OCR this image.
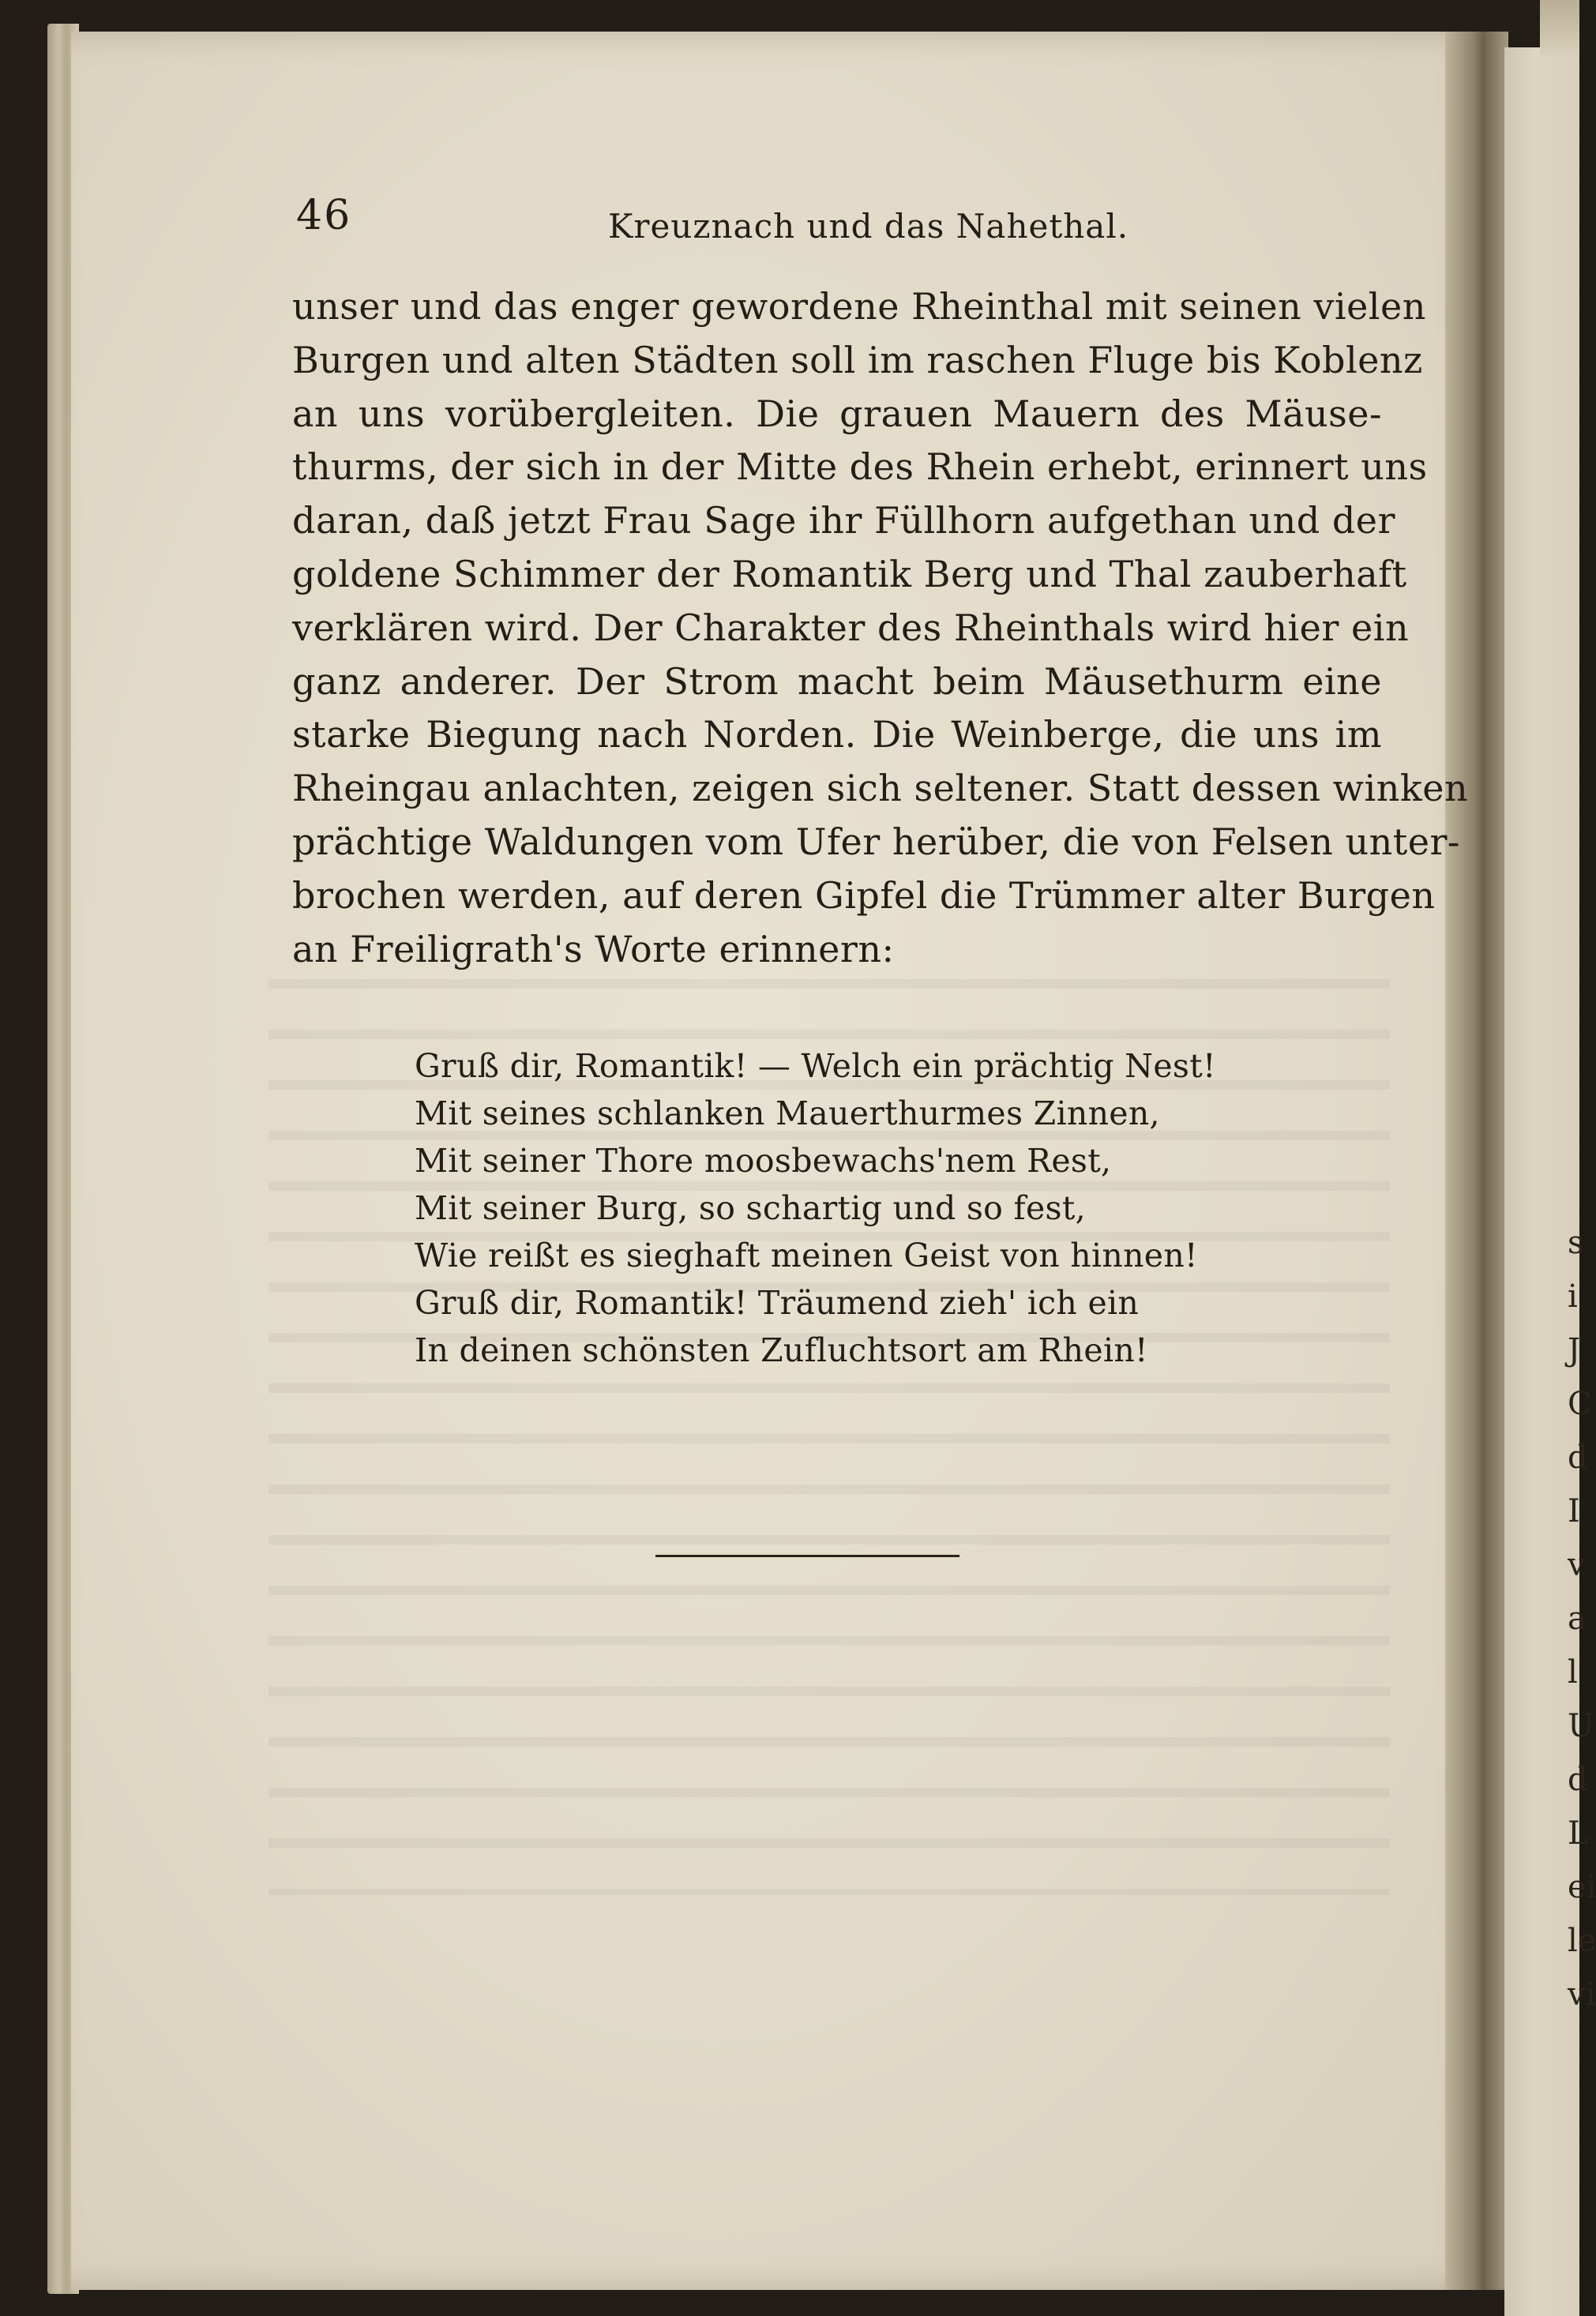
s
i
J
C
d
I
v
a
l
U
d
L
ei
le
vi
46	Kreuznach und das Nahethal.
unser und das enger gewordene Rheinthal mit seinen vielen
Burgen und alten Städten soll im raschen Fluge bis Koblenz
an uns vorübergleiten. Die grauen Mauern des Mäuse-
thurms, der sich in der Mitte des Rhein erhebt, erinnert uns
daran, daß jetzt Frau Sage ihr Füllhorn aufgethan und der
goldene Schimmer der Romantik Berg und Thal zauberhaft
verklären wird. Der Charakter des Rheinthals wird hier ein
ganz anderer. Der Strom macht beim Mäusethurm eine
starke Biegung nach Norden. Die Weinberge, die uns im
Rheingau anlachten, zeigen sich seltener. Statt dessen winken
prächtige Waldungen vom Ufer herüber, die von Felsen unter-
brochen werden, auf deren Gipfel die Trümmer alter Burgen
an Freiligrath's Worte erinnern:
Gruß dir, Romantik! — Welch ein prächtig Nest!
Mit seines schlanken Mauerthurmes Zinnen,
Mit seiner Thore moosbewachs'nem Rest,
Mit seiner Burg, so schartig und so fest,
Wie reißt es sieghaft meinen Geist von hinnen!
Gruß dir, Romantik! Träumend zieh' ich ein
In deinen schönsten Zufluchtsort am Rhein!
